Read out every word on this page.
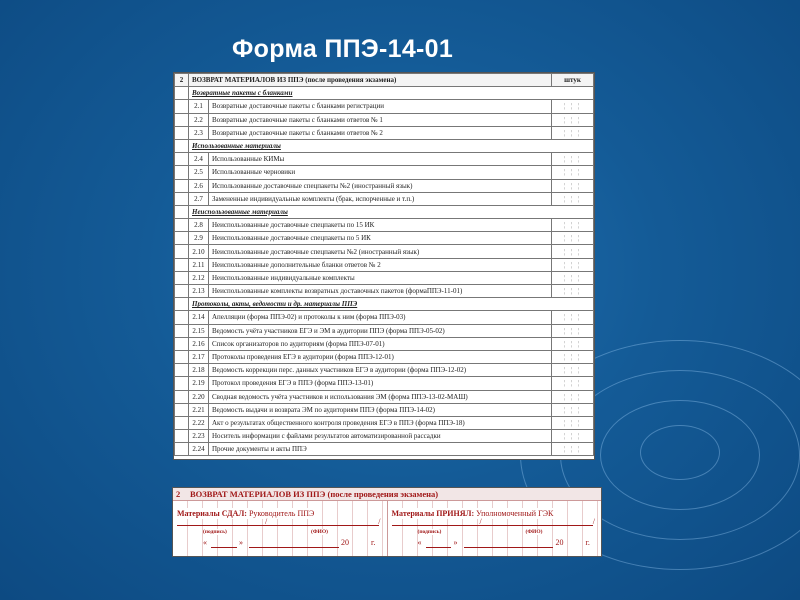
Форма ППЭ-14-01
2	ВОЗВРАТ МАТЕРИАЛОВ ИЗ ППЭ (после проведения экзамена)		штук
	Возвратные пакеты с бланками		
	2.1	Возвратные доставочные пакеты с бланками регистрации	¦ ¦ ¦
	2.2	Возвратные доставочные пакеты с бланками ответов № 1	¦ ¦ ¦
	2.3	Возвратные доставочные пакеты с бланками ответов № 2	¦ ¦ ¦
	Использованные материалы		
	2.4	Использованные КИМы	¦ ¦ ¦
	2.5	Использованные черновики	¦ ¦ ¦
	2.6	Использованные доставочные спецпакеты №2 (иностранный язык)	¦ ¦ ¦
	2.7	Замененные индивидуальные комплекты (брак, испорченные и т.п.)	¦ ¦ ¦
	Неиспользованные материалы		
	2.8	Неиспользованные доставочные спецпакеты по 15 ИК	¦ ¦ ¦
	2.9	Неиспользованные доставочные спецпакеты по 5 ИК	¦ ¦ ¦
	2.10	Неиспользованные доставочные спецпакеты №2 (иностранный язык)	¦ ¦ ¦
	2.11	Неиспользованные дополнительные бланки ответов № 2	¦ ¦ ¦
	2.12	Неиспользованные индивидуальные комплекты	¦ ¦ ¦
	2.13	Неиспользованные комплекты возвратных доставочных пакетов (формаППЭ-11-01)	¦ ¦ ¦
	Протоколы, акты, ведомости и др. материалы ППЭ		
	2.14	Апелляции (форма ППЭ-02) и протоколы к ним (форма ППЭ-03)	¦ ¦ ¦
	2.15	Ведомость учёта участников ЕГЭ и ЭМ в аудитории ППЭ (форма ППЭ-05-02)	¦ ¦ ¦
	2.16	Список организаторов по аудиториям (форма ППЭ-07-01)	¦ ¦ ¦
	2.17	Протоколы проведения ЕГЭ в аудитории (форма ППЭ-12-01)	¦ ¦ ¦
	2.18	Ведомость коррекции перс. данных участников ЕГЭ в аудитории (форма ППЭ-12-02)	¦ ¦ ¦
	2.19	Протокол проведения ЕГЭ в ППЭ (форма ППЭ-13-01)	¦ ¦ ¦
	2.20	Сводная ведомость учёта участников и использования ЭМ (форма ППЭ-13-02-МАШ)	¦ ¦ ¦
	2.21	Ведомость выдачи и возврата ЭМ по аудиториям ППЭ (форма ППЭ-14-02)	¦ ¦ ¦
	2.22	Акт о результатах общественного контроля проведения ЕГЭ в ППЭ (форма ППЭ-18)	¦ ¦ ¦
	2.23	Носитель информации с файлами результатов автоматизированной рассадки	¦ ¦ ¦
	2.24	Прочие документы и акты ППЭ	¦ ¦ ¦
2	ВОЗВРАТ МАТЕРИАЛОВ ИЗ ППЭ (после проведения экзамена)
Материалы СДАЛ: Руководитель ППЭ
/	/
(подпись)	(ФИО)
«	»	20	г.
Материалы ПРИНЯЛ: Уполномоченный ГЭК
/	/
(подпись)	(ФИО)
«	»	20	г.
